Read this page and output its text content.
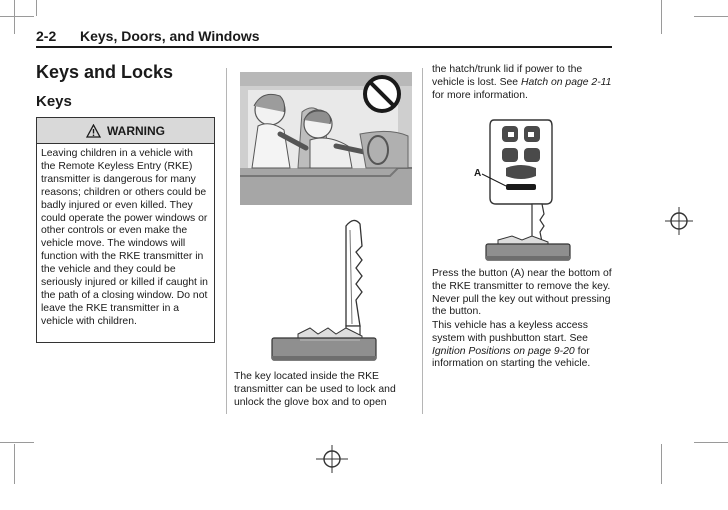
2-2 Keys, Doors, and Windows
Keys and Locks
Keys
WARNING
Leaving children in a vehicle with the Remote Keyless Entry (RKE) transmitter is dangerous for many reasons; children or others could be badly injured or even killed. They could operate the power windows or other controls or even make the vehicle move. The windows will function with the RKE transmitter in the vehicle and they could be seriously injured or killed if caught in the path of a closing window. Do not leave the RKE transmitter in a vehicle with children.
The key located inside the RKE transmitter can be used to lock and unlock the glove box and to open
the hatch/trunk lid if power to the vehicle is lost. See Hatch on page 2-11 for more information.
A
Press the button (A) near the bottom of the RKE transmitter to remove the key. Never pull the key out without pressing the button.
This vehicle has a keyless access system with pushbutton start. See Ignition Positions on page 9-20 for information on starting the vehicle.
